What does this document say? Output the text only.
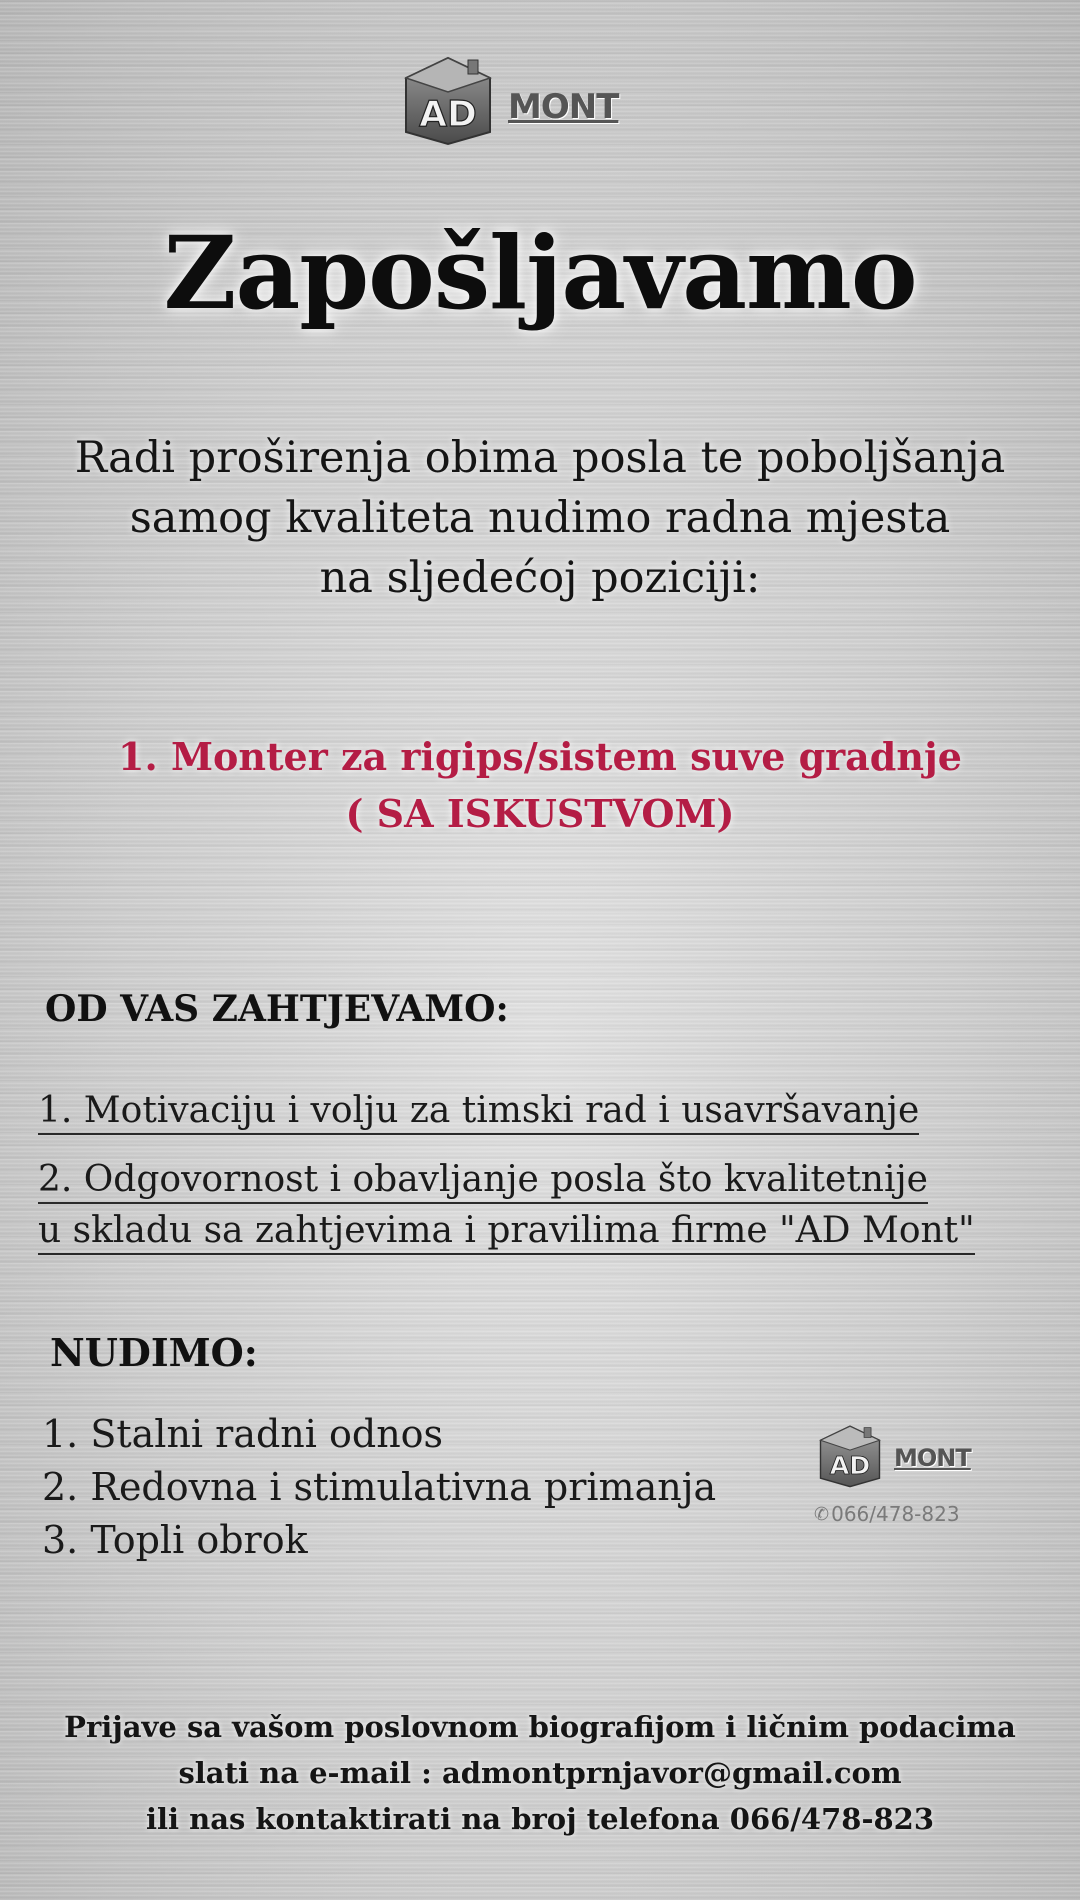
AD MONT
Zapošljavamo
Radi proširenja obima posla te poboljšanja
samog kvaliteta nudimo radna mjesta
na sljedećoj poziciji:
1. Monter za rigips/sistem suve gradnje
( SA ISKUSTVOM)
OD VAS ZAHTJEVAMO:
1. Motivaciju i volju za timski rad i usavršavanje
2. Odgovornost i obavljanje posla što kvalitetnije
u skladu sa zahtjevima i pravilima firme "AD Mont"
NUDIMO:
1. Stalni radni odnos
2. Redovna i stimulativna primanja
3. Topli obrok
AD MONT
✆ 066/478-823
Prijave sa vašom poslovnom biografijom i ličnim podacima
slati na e-mail : admontprnjavor@gmail.com
ili nas kontaktirati na broj telefona 066/478-823
